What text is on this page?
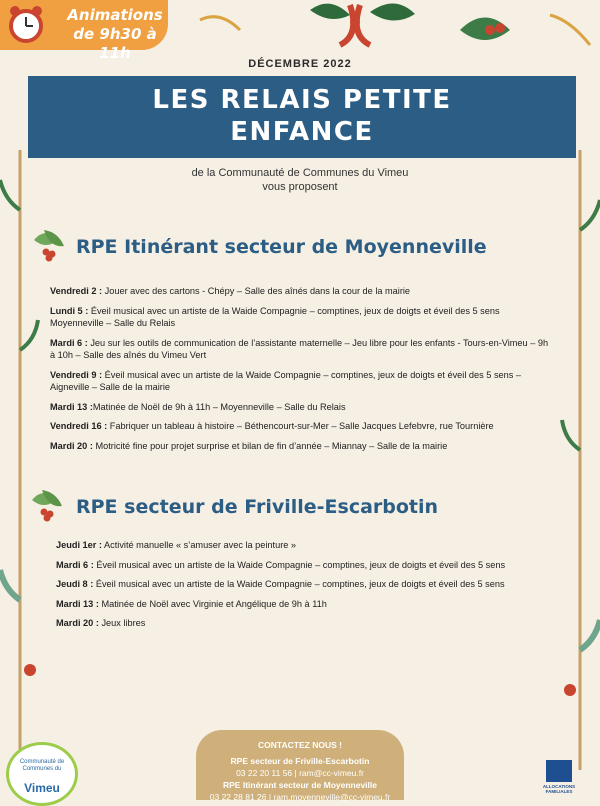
Animations
de 9h30 à 11h
DÉCEMBRE 2022
LES RELAIS PETITE
ENFANCE
de la Communauté de Communes du Vimeu
vous proposent
RPE Itinérant secteur de Moyenneville
Vendredi 2 : Jouer avec des cartons - Chépy – Salle des aînés dans la cour de la mairie
Lundi 5 : Éveil musical avec un artiste de la Waide Compagnie – comptines, jeux de doigts et éveil des 5 sens Moyenneville – Salle du Relais
Mardi 6 : Jeu sur les outils de communication de l’assistante maternelle – Jeu libre pour les enfants - Tours-en-Vimeu – 9h à 10h – Salle des aînés du Vimeu Vert
Vendredi 9 : Éveil musical avec un artiste de la Waide Compagnie – comptines, jeux de doigts et éveil des 5 sens – Aigneville – Salle de la mairie
Mardi 13 :Matinée de Noël de 9h à 11h – Moyenneville – Salle du Relais
Vendredi 16 : Fabriquer un tableau à histoire – Béthencourt-sur-Mer – Salle Jacques Lefebvre, rue Tournière
Mardi 20 : Motricité fine pour projet surprise et bilan de fin d’année – Miannay – Salle de la mairie
RPE secteur de Friville-Escarbotin
Jeudi 1er : Activité manuelle « s’amuser avec la peinture »
Mardi 6 : Éveil musical avec un artiste de la Waide Compagnie – comptines, jeux de doigts et éveil des 5 sens
Jeudi 8 : Éveil musical avec un artiste de la Waide Compagnie – comptines, jeux de doigts et éveil des 5 sens
Mardi 13 : Matinée de Noël avec Virginie et Angélique de 9h à 11h
Mardi 20 : Jeux libres
CONTACTEZ NOUS !
RPE secteur de Friville-Escarbotin
03 22 20 11 56 | ram@cc-vimeu.fr
RPE Itinérant secteur de Moyenneville
03 22 28 81 26 | ram.moyenneville@cc-vimeu.fr
Communauté de Communes du
Vimeu	ALLOCATIONS FAMILIALES
